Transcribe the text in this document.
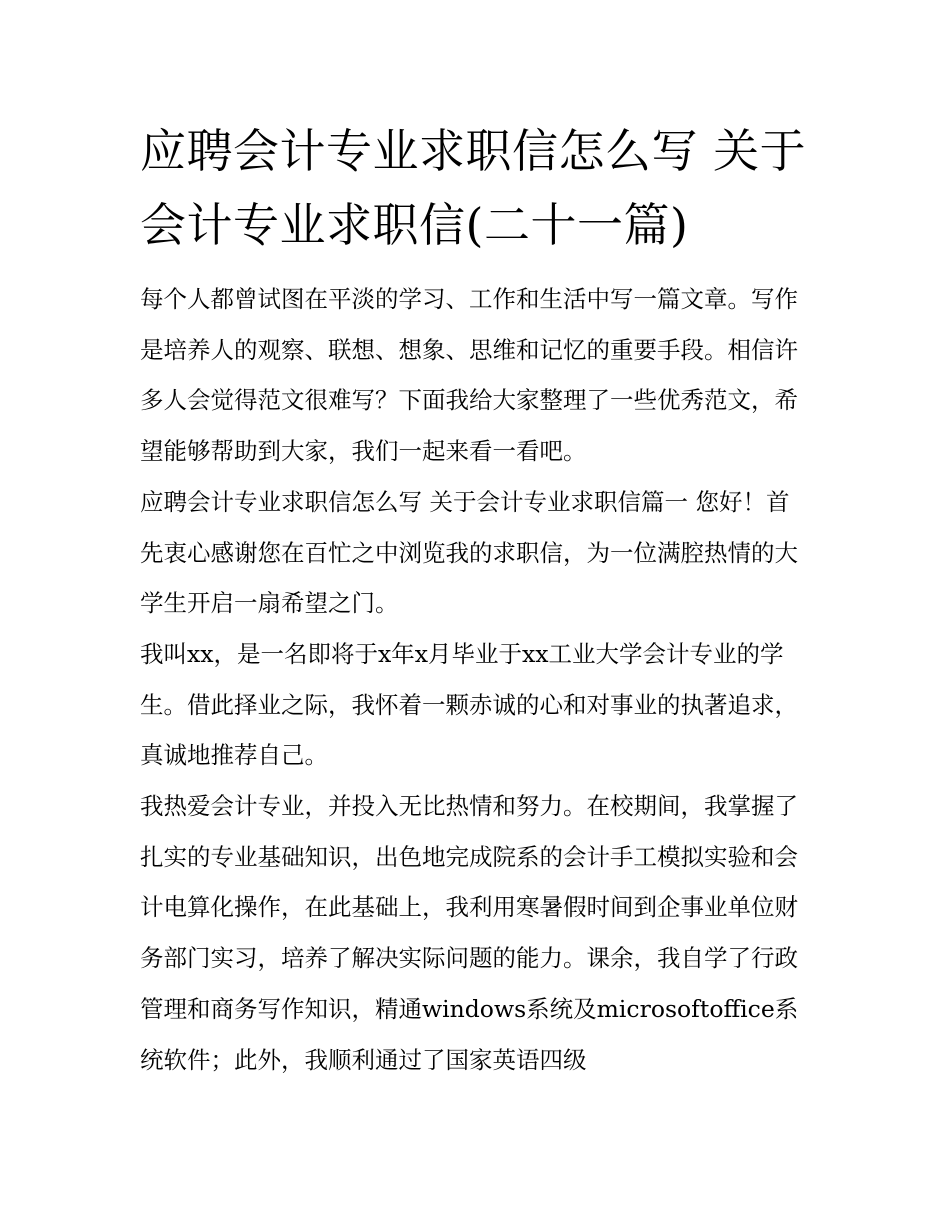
应聘会计专业求职信怎么写 关于会计专业求职信(二十一篇)

每个人都曾试图在平淡的学习、工作和生活中写一篇文章。写作是培养人的观察、联想、想象、思维和记忆的重要手段。相信许多人会觉得范文很难写？下面我给大家整理了一些优秀范文，希望能够帮助到大家，我们一起来看一看吧。

应聘会计专业求职信怎么写 关于会计专业求职信篇一 您好！首先衷心感谢您在百忙之中浏览我的求职信，为一位满腔热情的大学生开启一扇希望之门。

我叫xx，是一名即将于x年x月毕业于xx工业大学会计专业的学生。借此择业之际，我怀着一颗赤诚的心和对事业的执著追求，真诚地推荐自己。

我热爱会计专业，并投入无比热情和努力。在校期间，我掌握了扎实的专业基础知识，出色地完成院系的会计手工模拟实验和会计电算化操作，在此基础上，我利用寒暑假时间到企事业单位财务部门实习，培养了解决实际问题的能力。课余，我自学了行政管理和商务写作知识，精通windows系统及microsoftoffice系统软件；此外，我顺利通过了国家英语四级
